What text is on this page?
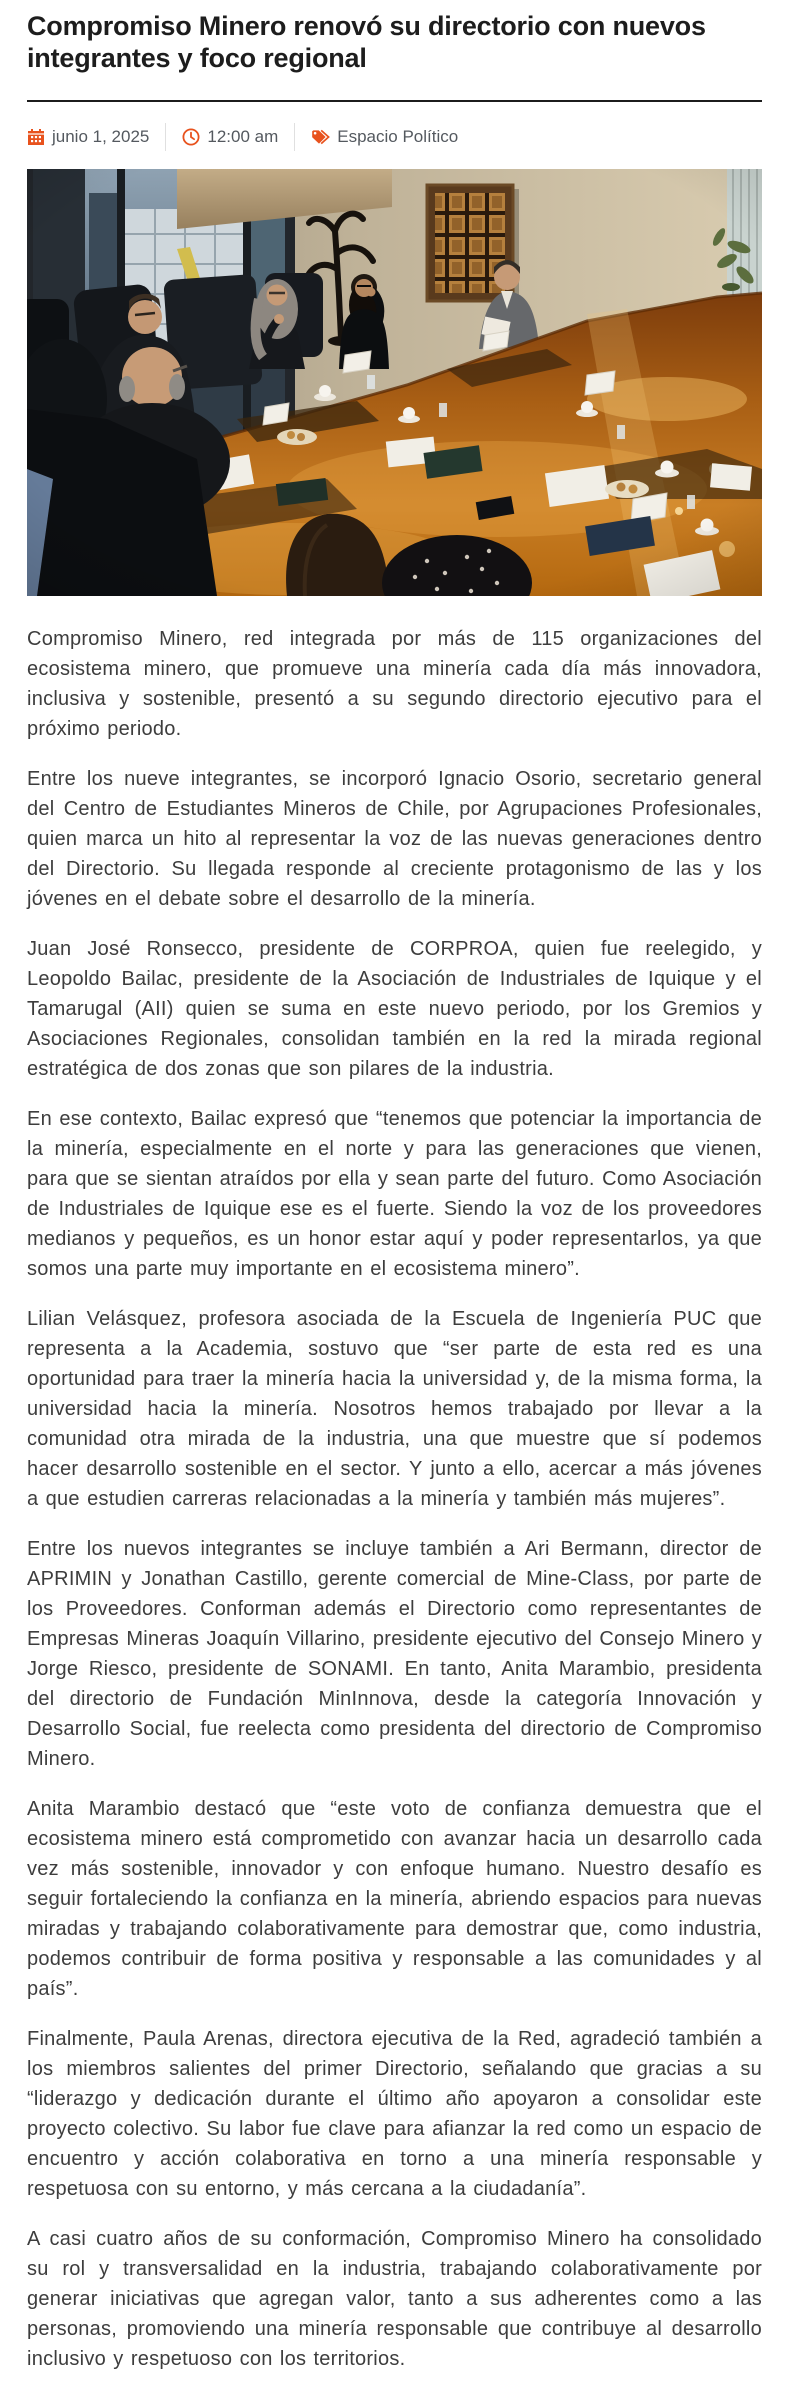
Compromiso Minero renovó su directorio con nuevos integrantes y foco regional
junio 1, 2025	12:00 am	Espacio Político

Compromiso Minero, red integrada por más de 115 organizaciones del ecosistema minero, que promueve una minería cada día más innovadora, inclusiva y sostenible, presentó a su segundo directorio ejecutivo para el próximo periodo.

Entre los nueve integrantes, se incorporó Ignacio Osorio, secretario general del Centro de Estudiantes Mineros de Chile, por Agrupaciones Profesionales, quien marca un hito al representar la voz de las nuevas generaciones dentro del Directorio. Su llegada responde al creciente protagonismo de las y los jóvenes en el debate sobre el desarrollo de la minería.

Juan José Ronsecco, presidente de CORPROA, quien fue reelegido, y Leopoldo Bailac, presidente de la Asociación de Industriales de Iquique y el Tamarugal (AII) quien se suma en este nuevo periodo, por los Gremios y Asociaciones Regionales, consolidan también en la red la mirada regional estratégica de dos zonas que son pilares de la industria.

En ese contexto, Bailac expresó que “tenemos que potenciar la importancia de la minería, especialmente en el norte y para las generaciones que vienen, para que se sientan atraídos por ella y sean parte del futuro. Como Asociación de Industriales de Iquique ese es el fuerte. Siendo la voz de los proveedores medianos y pequeños, es un honor estar aquí y poder representarlos, ya que somos una parte muy importante en el ecosistema minero”.

Lilian Velásquez, profesora asociada de la Escuela de Ingeniería PUC que representa a la Academia, sostuvo que “ser parte de esta red es una oportunidad para traer la minería hacia la universidad y, de la misma forma, la universidad hacia la minería. Nosotros hemos trabajado por llevar a la comunidad otra mirada de la industria, una que muestre que sí podemos hacer desarrollo sostenible en el sector. Y junto a ello, acercar a más jóvenes a que estudien carreras relacionadas a la minería y también más mujeres”.

Entre los nuevos integrantes se incluye también a Ari Bermann, director de APRIMIN y Jonathan Castillo, gerente comercial de Mine-Class, por parte de los Proveedores. Conforman además el Directorio como representantes de Empresas Mineras Joaquín Villarino, presidente ejecutivo del Consejo Minero y Jorge Riesco, presidente de SONAMI. En tanto, Anita Marambio, presidenta del directorio de Fundación MinInnova, desde la categoría Innovación y Desarrollo Social, fue reelecta como presidenta del directorio de Compromiso Minero.

Anita Marambio destacó que “este voto de confianza demuestra que el ecosistema minero está comprometido con avanzar hacia un desarrollo cada vez más sostenible, innovador y con enfoque humano. Nuestro desafío es seguir fortaleciendo la confianza en la minería, abriendo espacios para nuevas miradas y trabajando colaborativamente para demostrar que, como industria, podemos contribuir de forma positiva y responsable a las comunidades y al país”.

Finalmente, Paula Arenas, directora ejecutiva de la Red, agradeció también a los miembros salientes del primer Directorio, señalando que gracias a su “liderazgo y dedicación durante el último año apoyaron a consolidar este proyecto colectivo. Su labor fue clave para afianzar la red como un espacio de encuentro y acción colaborativa en torno a una minería responsable y respetuosa con su entorno, y más cercana a la ciudadanía”.

A casi cuatro años de su conformación, Compromiso Minero ha consolidado su rol y transversalidad en la industria, trabajando colaborativamente por generar iniciativas que agregan valor, tanto a sus adherentes como a las personas, promoviendo una minería responsable que contribuye al desarrollo inclusivo y respetuoso con los territorios.
